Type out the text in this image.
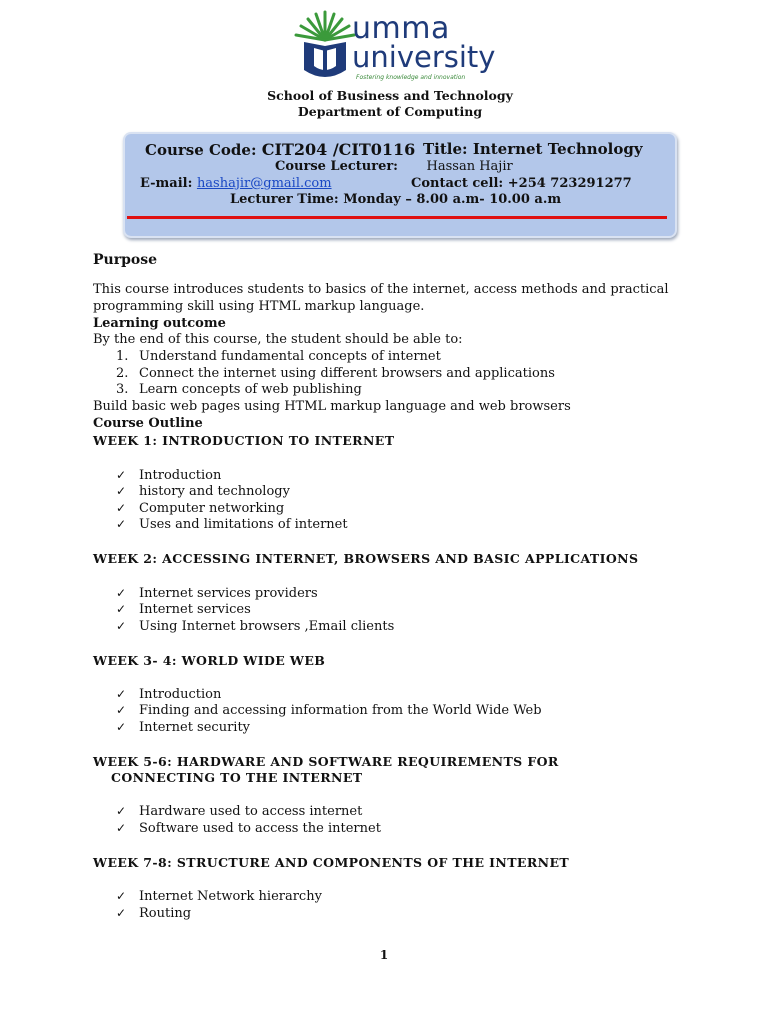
umma
university
Fostering knowledge and innovation
School of Business and Technology
Department of Computing
Course Code: CIT204 /CIT0116 Title: Internet Technology
Course Lecturer: Hassan Hajir
E-mail: hashajir@gmail.com	Contact cell: +254 723291277
Lecturer Time: Monday – 8.00 a.m- 10.00 a.m
Purpose
This course introduces students to basics of the internet, access methods and practical
programming skill using HTML markup language.
Learning outcome
By the end of this course, the student should be able to:
1. Understand fundamental concepts of internet
2. Connect the internet using different browsers and applications
3. Learn concepts of web publishing
Build basic web pages using HTML markup language and web browsers
Course Outline
WEEK 1: INTRODUCTION TO INTERNET
✓ Introduction
✓ history and technology
✓ Computer networking
✓ Uses and limitations of internet
WEEK 2: ACCESSING INTERNET, BROWSERS AND BASIC APPLICATIONS
✓ Internet services providers
✓ Internet services
✓ Using Internet browsers ,Email clients
WEEK 3- 4: WORLD WIDE WEB
✓ Introduction
✓ Finding and accessing information from the World Wide Web
✓ Internet security
WEEK 5-6: HARDWARE AND SOFTWARE REQUIREMENTS FOR
CONNECTING TO THE INTERNET
✓ Hardware used to access internet
✓ Software used to access the internet
WEEK 7-8: STRUCTURE AND COMPONENTS OF THE INTERNET
✓ Internet Network hierarchy
✓ Routing
1
